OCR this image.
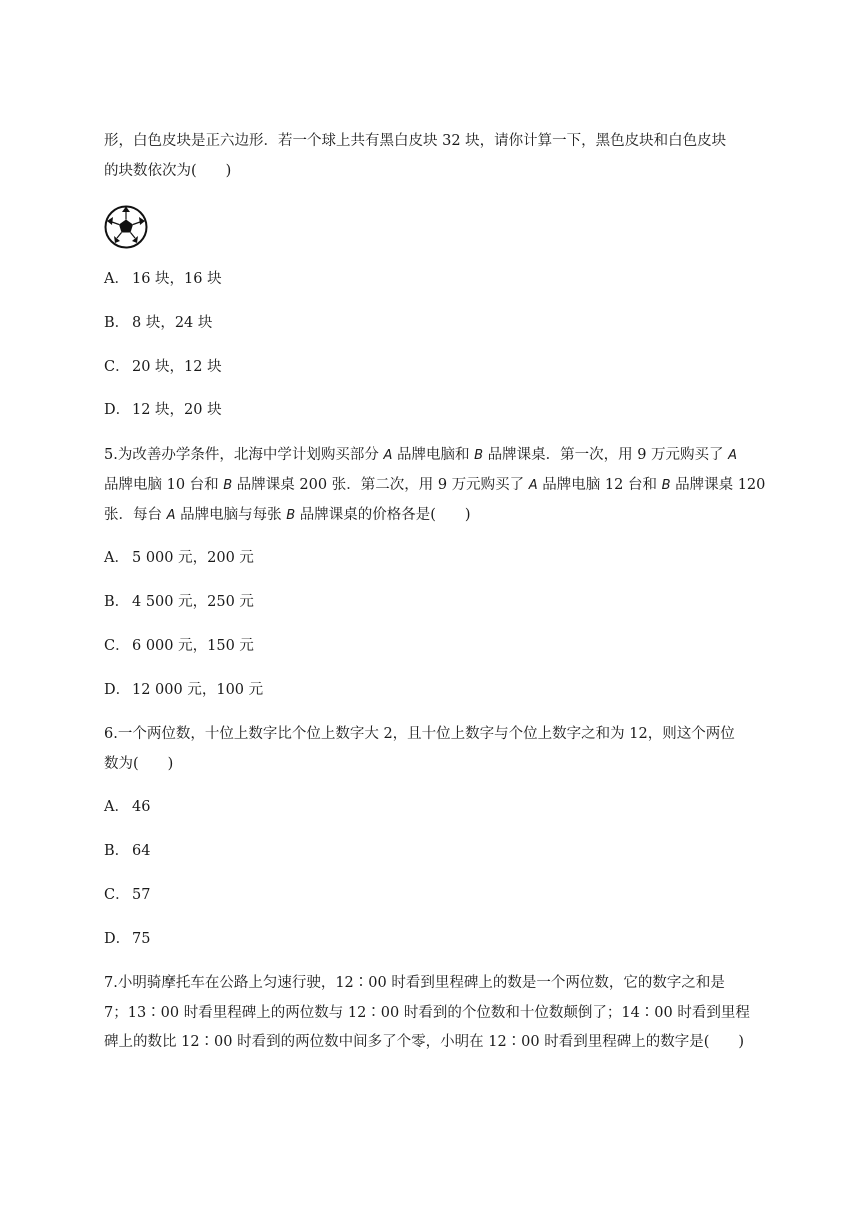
形，白色皮块是正六边形．若一个球上共有黑白皮块 32 块，请你计算一下，黑色皮块和白色皮块
的块数依次为(　　)
A． 16 块，16 块
B． 8 块，24 块
C． 20 块，12 块
D． 12 块，20 块
5.为改善办学条件，北海中学计划购买部分 A 品牌电脑和 B 品牌课桌．第一次，用 9 万元购买了 A
品牌电脑 10 台和 B 品牌课桌 200 张．第二次，用 9 万元购买了 A 品牌电脑 12 台和 B 品牌课桌 120
张．每台 A 品牌电脑与每张 B 品牌课桌的价格各是(　　)
A． 5 000 元，200 元
B． 4 500 元，250 元
C． 6 000 元，150 元
D． 12 000 元，100 元
6.一个两位数，十位上数字比个位上数字大 2，且十位上数字与个位上数字之和为 12，则这个两位
数为(　　)
A． 46
B． 64
C． 57
D． 75
7.小明骑摩托车在公路上匀速行驶，12∶00 时看到里程碑上的数是一个两位数，它的数字之和是
7；13∶00 时看里程碑上的两位数与 12∶00 时看到的个位数和十位数颠倒了；14∶00 时看到里程
碑上的数比 12∶00 时看到的两位数中间多了个零，小明在 12∶00 时看到里程碑上的数字是(　　)
